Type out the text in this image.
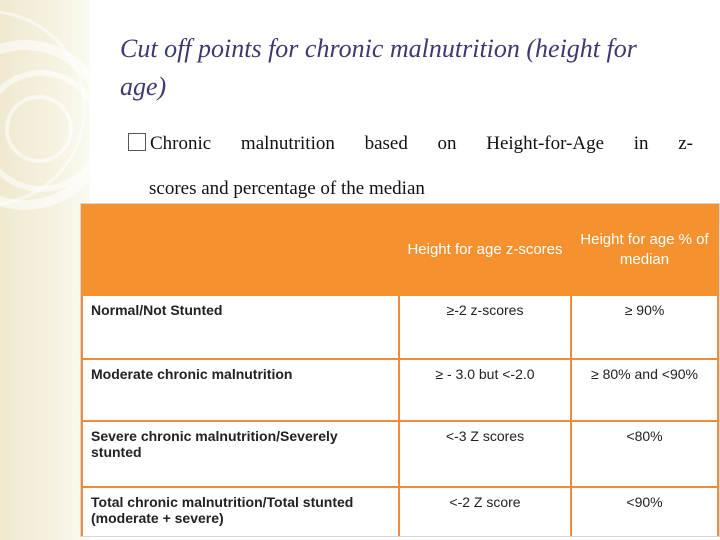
Cut off points for chronic malnutrition (height for age)
Chronic malnutrition based on Height-for-Age in z-
scores and percentage of the median
	Height for age z-scores	Height for age % of median
Normal/Not Stunted	≥-2 z-scores	≥ 90%
Moderate chronic malnutrition	≥ - 3.0 but <-2.0	≥ 80% and <90%
Severe chronic malnutrition/Severely stunted	<-3 Z scores	<80%
Total chronic malnutrition/Total stunted (moderate + severe)	<-2 Z score	<90%
